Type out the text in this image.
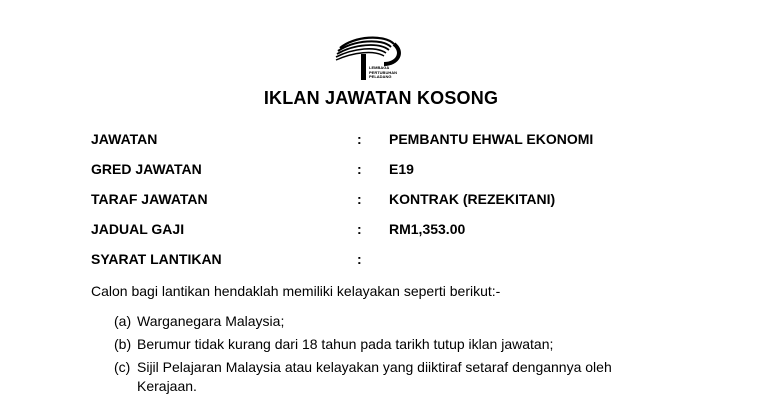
LEMBAGA
PERTUBUHAN
PELADANG
IKLAN JAWATAN KOSONG
JAWATAN	: PEMBANTU EHWAL EKONOMI
GRED JAWATAN	: E19
TARAF JAWATAN	: KONTRAK (REZEKITANI)
JADUAL GAJI	: RM1,353.00
SYARAT LANTIKAN	:
Calon bagi lantikan hendaklah memiliki kelayakan seperti berikut:-
(a) Warganegara Malaysia;
(b) Berumur tidak kurang dari 18 tahun pada tarikh tutup iklan jawatan;
(c) Sijil Pelajaran Malaysia atau kelayakan yang diiktiraf setaraf dengannya oleh
Kerajaan.
